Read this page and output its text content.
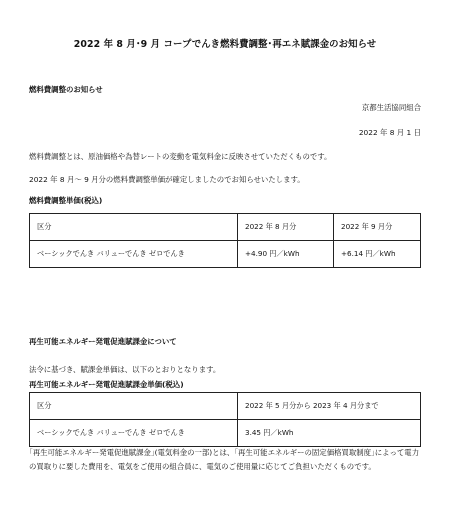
2022 年 8 月･9 月 コープでんき燃料費調整･再エネ賦課金のお知らせ
燃料費調整のお知らせ
京都生活協同組合
2022 年 8 月 1 日
燃料費調整とは、原油価格や為替レートの変動を電気料金に反映させていただくものです。
2022 年 8 月～ 9 月分の燃料費調整単価が確定しましたのでお知らせいたします。
燃料費調整単価(税込)
区分	2022 年 8 月分	2022 年 9 月分
ベーシックでんき バリューでんき ゼロでんき	+4.90 円／kWh	+6.14 円／kWh
再生可能エネルギー発電促進賦課金について
法令に基づき、賦課金単価は、以下のとおりとなります。
再生可能エネルギー発電促進賦課金単価(税込)
区分	2022 年 5 月分から 2023 年 4 月分まで
ベーシックでんき バリューでんき ゼロでんき	3.45 円／kWh
｢再生可能エネルギー発電促進賦課金｣(電気料金の一部)とは、｢再生可能エネルギーの固定価格買取制度｣によって電力の買取りに要した費用を、電気をご使用の組合員に、電気のご使用量に応じてご負担いただくものです。
